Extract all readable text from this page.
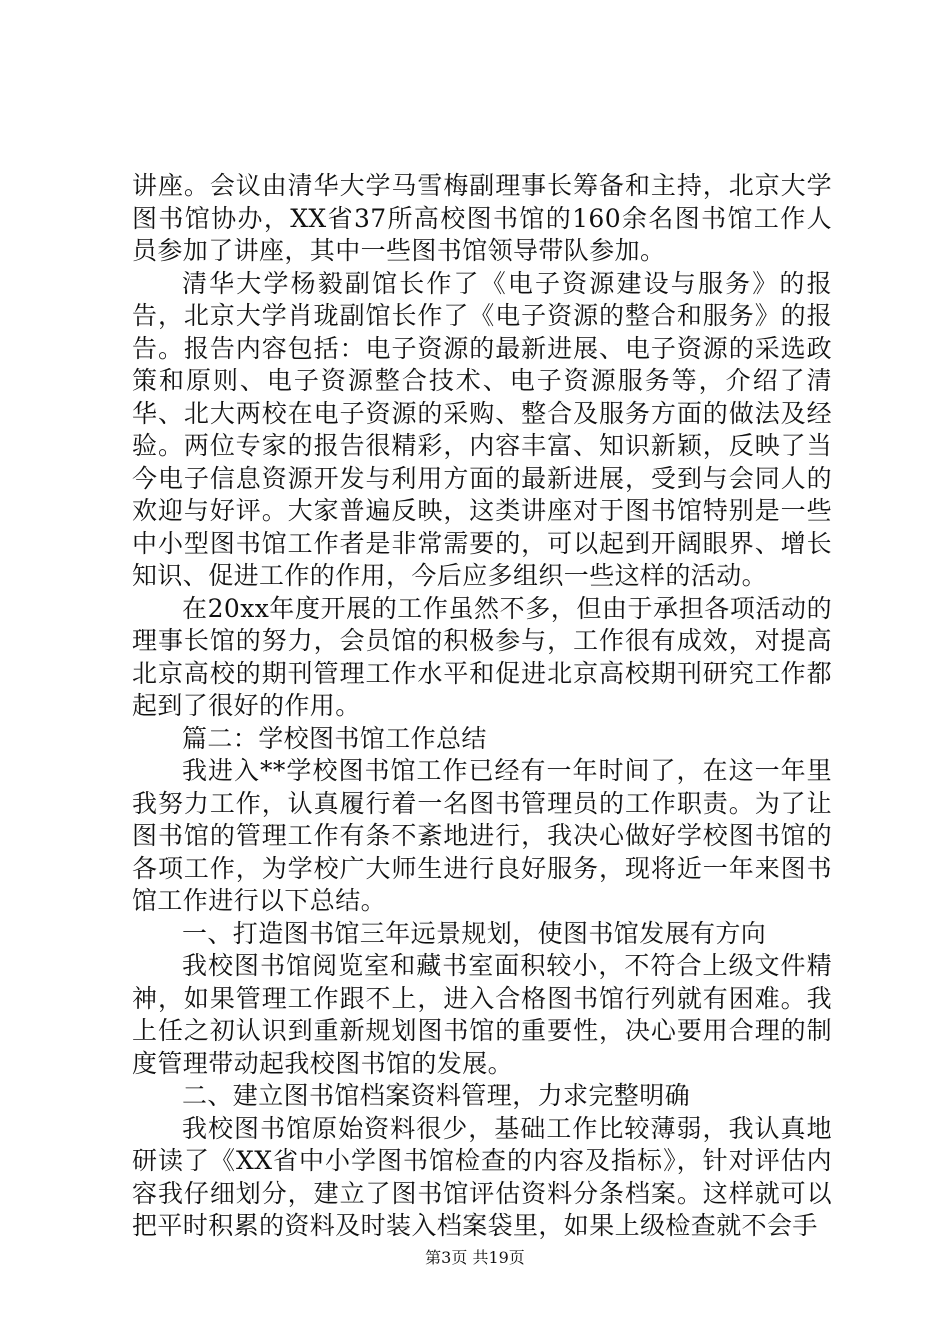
讲座。会议由清华大学马雪梅副理事长筹备和主持，北京大学图书馆协办，XX省37所高校图书馆的160余名图书馆工作人员参加了讲座，其中一些图书馆领导带队参加。

清华大学杨毅副馆长作了《电子资源建设与服务》的报告，北京大学肖珑副馆长作了《电子资源的整合和服务》的报告。报告内容包括：电子资源的最新进展、电子资源的采选政策和原则、电子资源整合技术、电子资源服务等，介绍了清华、北大两校在电子资源的采购、整合及服务方面的做法及经验。两位专家的报告很精彩，内容丰富、知识新颖，反映了当今电子信息资源开发与利用方面的最新进展，受到与会同人的欢迎与好评。大家普遍反映，这类讲座对于图书馆特别是一些中小型图书馆工作者是非常需要的，可以起到开阔眼界、增长知识、促进工作的作用，今后应多组织一些这样的活动。

在20xx年度开展的工作虽然不多，但由于承担各项活动的理事长馆的努力，会员馆的积极参与，工作很有成效，对提高北京高校的期刊管理工作水平和促进北京高校期刊研究工作都起到了很好的作用。

篇二：学校图书馆工作总结

我进入**学校图书馆工作已经有一年时间了，在这一年里我努力工作，认真履行着一名图书管理员的工作职责。为了让图书馆的管理工作有条不紊地进行，我决心做好学校图书馆的各项工作，为学校广大师生进行良好服务，现将近一年来图书馆工作进行以下总结。

一、打造图书馆三年远景规划，使图书馆发展有方向

我校图书馆阅览室和藏书室面积较小，不符合上级文件精神，如果管理工作跟不上，进入合格图书馆行列就有困难。我上任之初认识到重新规划图书馆的重要性，决心要用合理的制度管理带动起我校图书馆的发展。

二、建立图书馆档案资料管理，力求完整明确

我校图书馆原始资料很少，基础工作比较薄弱，我认真地研读了《XX省中小学图书馆检查的内容及指标》，针对评估内容我仔细划分，建立了图书馆评估资料分条档案。这样就可以把平时积累的资料及时装入档案袋里，如果上级检查就不会手

第3页 共19页
